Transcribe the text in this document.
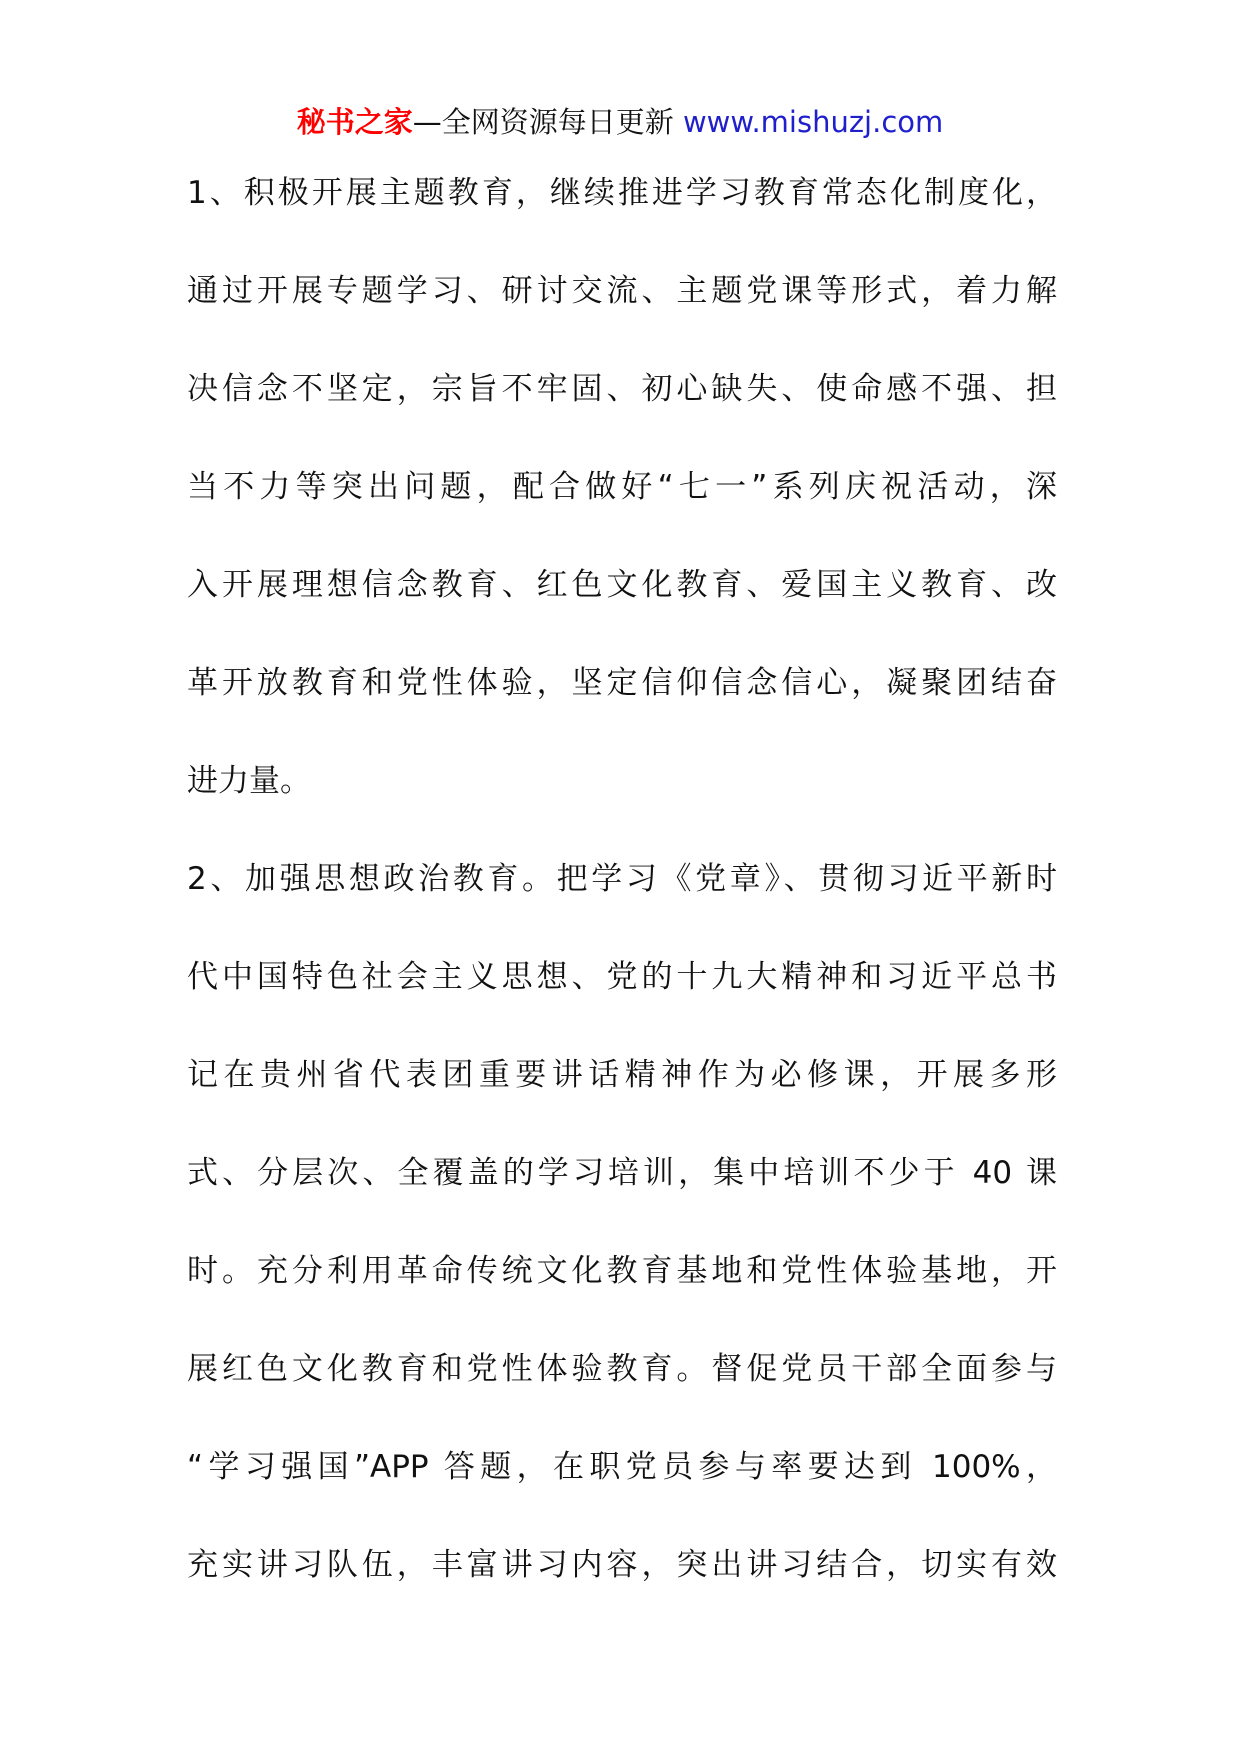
秘书之家—全网资源每日更新 www.mishuzj.com
1、积极开展主题教育，继续推进学习教育常态化制度化，
通过开展专题学习、研讨交流、主题党课等形式，着力解
决信念不坚定，宗旨不牢固、初心缺失、使命感不强、担
当不力等突出问题，配合做好“七一”系列庆祝活动，深
入开展理想信念教育、红色文化教育、爱国主义教育、改
革开放教育和党性体验，坚定信仰信念信心，凝聚团结奋
进力量。
2、加强思想政治教育。把学习《党章》、贯彻习近平新时
代中国特色社会主义思想、党的十九大精神和习近平总书
记在贵州省代表团重要讲话精神作为必修课，开展多形
式、分层次、全覆盖的学习培训，集中培训不少于 40 课
时。充分利用革命传统文化教育基地和党性体验基地，开
展红色文化教育和党性体验教育。督促党员干部全面参与
“学习强国”APP 答题，在职党员参与率要达到 100%，
充实讲习队伍，丰富讲习内容，突出讲习结合，切实有效
